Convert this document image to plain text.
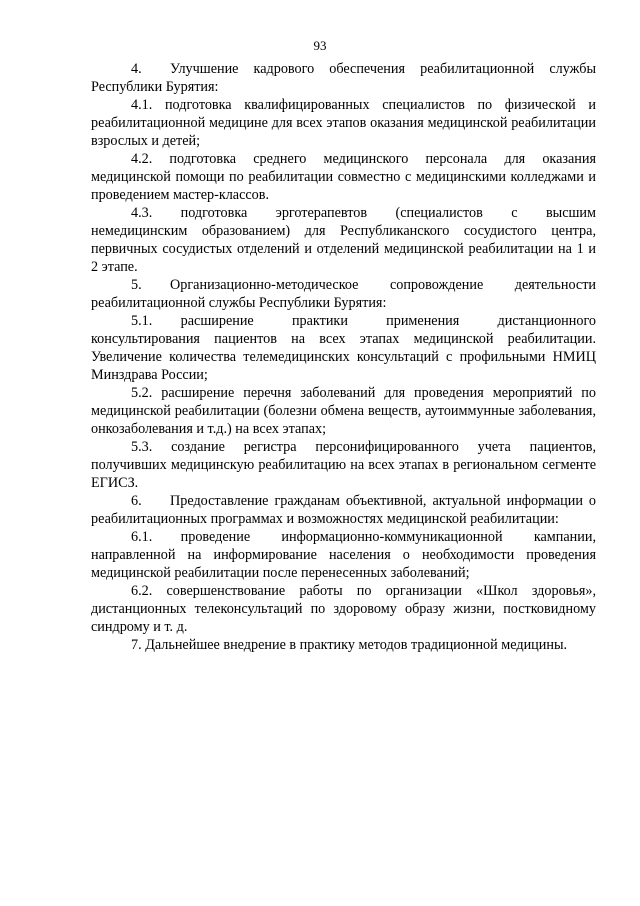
93

4.  Улучшение кадрового обеспечения реабилитационной службы Республики Бурятия:

4.1. подготовка квалифицированных специалистов по физической и реабилитационной медицине для всех этапов оказания медицинской реабилитации взрослых и детей;

4.2. подготовка среднего медицинского персонала для оказания медицинской помощи по реабилитации совместно с медицинскими колледжами и проведением мастер-классов.

4.3.  подготовка эрготерапевтов (специалистов с высшим немедицинским образованием) для Республиканского сосудистого центра, первичных сосудистых отделений и отделений медицинской реабилитации на 1 и 2 этапе.

5.  Организационно-методическое сопровождение деятельности реабилитационной службы Республики Бурятия:

5.1.  расширение практики применения дистанционного консультирования пациентов на всех этапах медицинской реабилитации. Увеличение количества телемедицинских консультаций с профильными НМИЦ Минздрава России;

5.2. расширение перечня заболеваний для проведения мероприятий по медицинской реабилитации (болезни обмена веществ, аутоиммунные заболевания, онкозаболевания и т.д.) на всех этапах;

5.3. создание регистра персонифицированного учета пациентов, получивших медицинскую реабилитацию на всех этапах в региональном сегменте ЕГИСЗ.

6.  Предоставление гражданам объективной, актуальной информации о реабилитационных программах и возможностях медицинской реабилитации:

6.1.  проведение информационно-коммуникационной кампании, направленной на информирование населения о необходимости проведения медицинской реабилитации после перенесенных заболеваний;

6.2. совершенствование работы по организации «Школ здоровья», дистанционных телеконсультаций по здоровому образу жизни, постковидному синдрому и т. д.

7. Дальнейшее внедрение в практику методов традиционной медицины.
